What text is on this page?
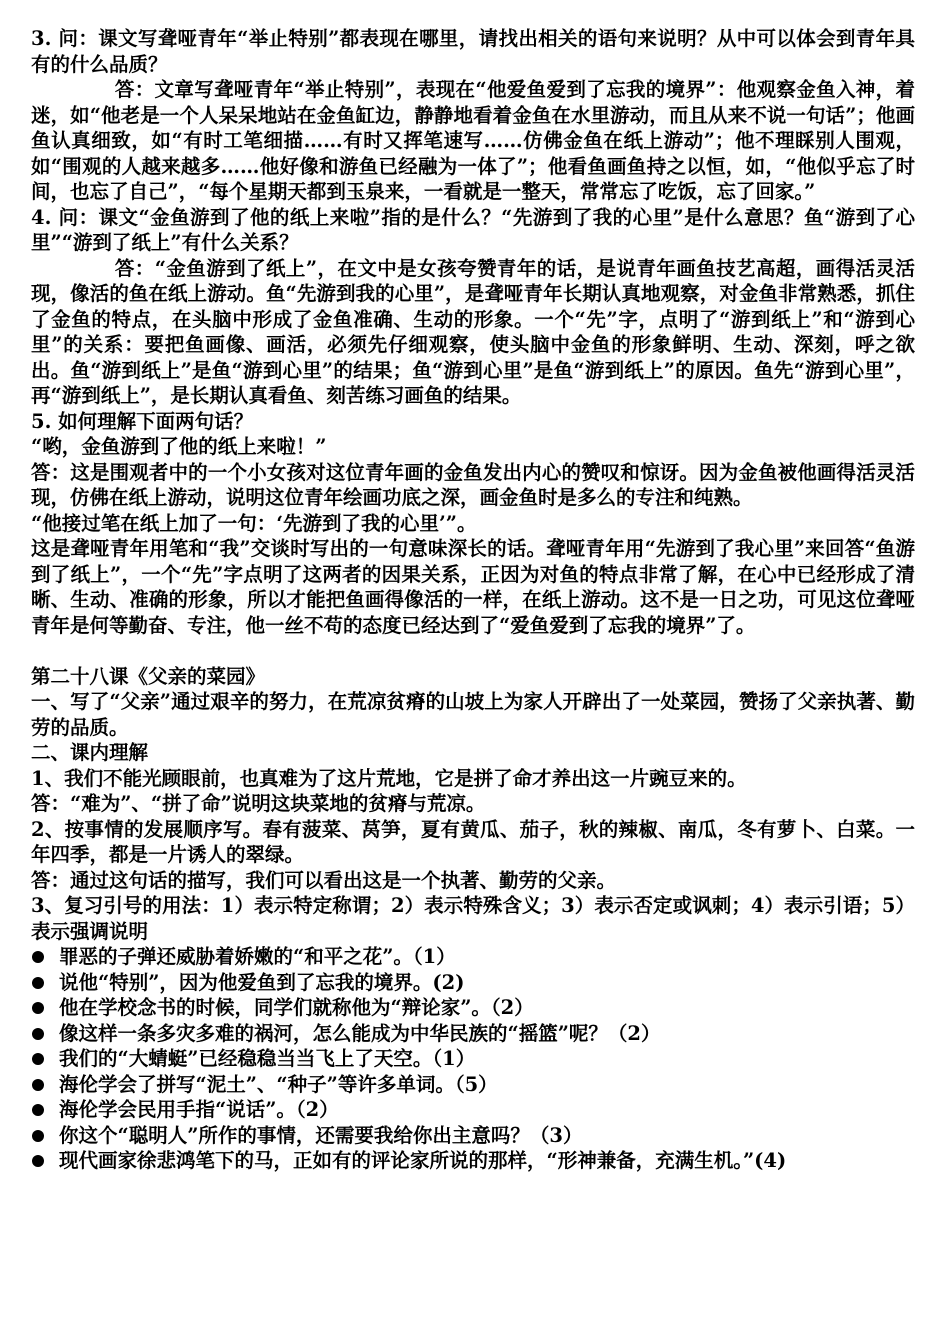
3. 问：课文写聋哑青年“举止特别”都表现在哪里，请找出相关的语句来说明？从中可以体会到青年具有的什么品质？

答：文章写聋哑青年“举止特别”，表现在“他爱鱼爱到了忘我的境界”：他观察金鱼入神，着迷，如“他老是一个人呆呆地站在金鱼缸边，静静地看着金鱼在水里游动，而且从来不说一句话”；他画鱼认真细致，如“有时工笔细描……有时又挥笔速写……仿佛金鱼在纸上游动”；他不理睬别人围观，如“围观的人越来越多……他好像和游鱼已经融为一体了”；他看鱼画鱼持之以恒，如，“他似乎忘了时间，也忘了自己”，“每个星期天都到玉泉来，一看就是一整天，常常忘了吃饭，忘了回家。”

4. 问：课文“金鱼游到了他的纸上来啦”指的是什么？“先游到了我的心里”是什么意思？鱼“游到了心里”“游到了纸上”有什么关系？

答：“金鱼游到了纸上”，在文中是女孩夸赞青年的话，是说青年画鱼技艺高超，画得活灵活现，像活的鱼在纸上游动。鱼“先游到我的心里”，是聋哑青年长期认真地观察，对金鱼非常熟悉，抓住了金鱼的特点，在头脑中形成了金鱼准确、生动的形象。一个“先”字，点明了“游到纸上”和“游到心里”的关系：要把鱼画像、画活，必须先仔细观察，使头脑中金鱼的形象鲜明、生动、深刻，呼之欲出。鱼“游到纸上”是鱼“游到心里”的结果；鱼“游到心里”是鱼“游到纸上”的原因。鱼先“游到心里”，再“游到纸上”，是长期认真看鱼、刻苦练习画鱼的结果。

5. 如何理解下面两句话？

“哟，金鱼游到了他的纸上来啦！”

答：这是围观者中的一个小女孩对这位青年画的金鱼发出内心的赞叹和惊讶。因为金鱼被他画得活灵活现，仿佛在纸上游动，说明这位青年绘画功底之深，画金鱼时是多么的专注和纯熟。

“他接过笔在纸上加了一句：‘先游到了我的心里’”。

这是聋哑青年用笔和“我”交谈时写出的一句意味深长的话。聋哑青年用“先游到了我心里”来回答“鱼游到了纸上”，一个“先”字点明了这两者的因果关系，正因为对鱼的特点非常了解，在心中已经形成了清晰、生动、准确的形象，所以才能把鱼画得像活的一样，在纸上游动。这不是一日之功，可见这位聋哑青年是何等勤奋、专注，他一丝不苟的态度已经达到了“爱鱼爱到了忘我的境界”了。

第二十八课《父亲的菜园》

一、写了“父亲”通过艰辛的努力，在荒凉贫瘠的山坡上为家人开辟出了一处菜园，赞扬了父亲执著、勤劳的品质。

二、课内理解

1、我们不能光顾眼前，也真难为了这片荒地，它是拼了命才养出这一片豌豆来的。

答：“难为”、“拼了命”说明这块菜地的贫瘠与荒凉。

2、按事情的发展顺序写。春有菠菜、莴笋，夏有黄瓜、茄子，秋的辣椒、南瓜，冬有萝卜、白菜。一年四季，都是一片诱人的翠绿。

答：通过这句话的描写，我们可以看出这是一个执著、勤劳的父亲。

3、复习引号的用法：1）表示特定称谓；2）表示特殊含义；3）表示否定或讽刺；4）表示引语；5）表示强调说明

罪恶的子弹还威胁着娇嫩的“和平之花”。（1）
说他“特别”，因为他爱鱼到了忘我的境界。(2)
他在学校念书的时候，同学们就称他为“辩论家”。（2）
像这样一条多灾多难的祸河，怎么能成为中华民族的“摇篮”呢？（2）
我们的“大蜻蜓”已经稳稳当当飞上了天空。（1）
海伦学会了拼写“泥土”、“种子”等许多单词。（5）
海伦学会民用手指“说话”。（2）
你这个“聪明人”所作的事情，还需要我给你出主意吗？（3）
现代画家徐悲鸿笔下的马，正如有的评论家所说的那样，“形神兼备，充满生机。”(4)
